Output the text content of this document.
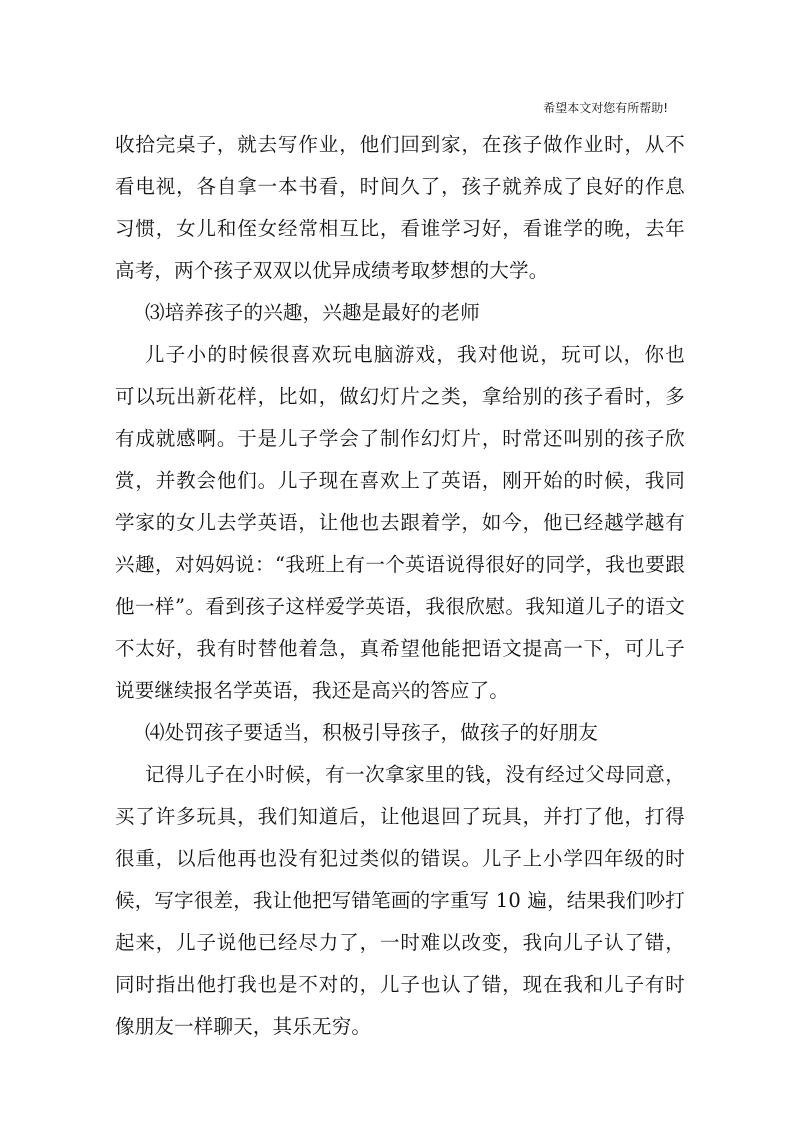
希望本文对您有所帮助!
收拾完桌子，就去写作业，他们回到家，在孩子做作业时，从不
看电视，各自拿一本书看，时间久了，孩子就养成了良好的作息
习惯，女儿和侄女经常相互比，看谁学习好，看谁学的晚，去年
高考，两个孩子双双以优异成绩考取梦想的大学。
⑶培养孩子的兴趣，兴趣是最好的老师
儿子小的时候很喜欢玩电脑游戏，我对他说，玩可以，你也
可以玩出新花样，比如，做幻灯片之类，拿给别的孩子看时，多
有成就感啊。于是儿子学会了制作幻灯片，时常还叫别的孩子欣
赏，并教会他们。儿子现在喜欢上了英语，刚开始的时候，我同
学家的女儿去学英语，让他也去跟着学，如今，他已经越学越有
兴趣，对妈妈说：“我班上有一个英语说得很好的同学，我也要跟
他一样”。看到孩子这样爱学英语，我很欣慰。我知道儿子的语文
不太好，我有时替他着急，真希望他能把语文提高一下，可儿子
说要继续报名学英语，我还是高兴的答应了。
⑷处罚孩子要适当，积极引导孩子，做孩子的好朋友
记得儿子在小时候，有一次拿家里的钱，没有经过父母同意，
买了许多玩具，我们知道后，让他退回了玩具，并打了他，打得
很重，以后他再也没有犯过类似的错误。儿子上小学四年级的时
候，写字很差，我让他把写错笔画的字重写 10 遍，结果我们吵打
起来，儿子说他已经尽力了，一时难以改变，我向儿子认了错，
同时指出他打我也是不对的，儿子也认了错，现在我和儿子有时
像朋友一样聊天，其乐无穷。
